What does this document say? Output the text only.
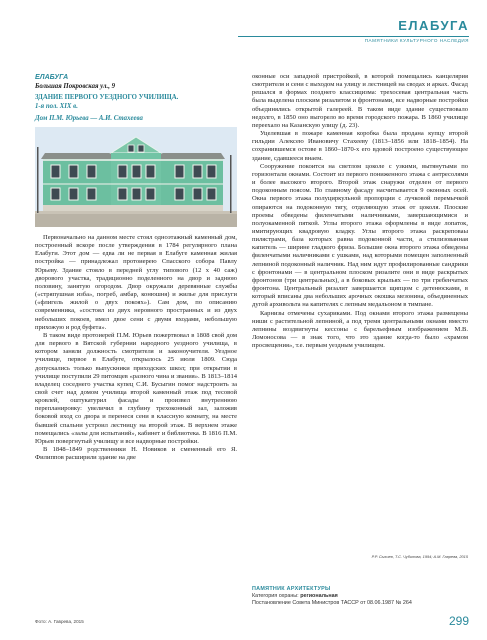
ЕЛАБУГА
ПАМЯТНИКИ КУЛЬТУРНОГО НАСЛЕДИЯ
ЕЛАБУГА
Большая Покровская ул., 9
ЗДАНИЕ ПЕРВОГО УЕЗДНОГО УЧИЛИЩА.
1-я пол. XIX в.
Дом П.М. Юрьева — А.И. Стахеева

Первоначально на данном месте стоял одноэтажный каменный дом, построенный вскоре после утверждения в 1784 регулярного плана Елабуги. Этот дом — едва ли не первая в Елабуге каменная жилая постройка — принадлежал протоиерею Спасского собора Павлу Юрьеву. Здание стояло в передней углу типового (12 х 40 саж) дворового участка, традиционно поделенного на двор и заднюю половину, занятую огородом. Двор окружали деревянные службы («стряпушная изба», погреб, амбар, конюшня) и жилье для прислуги («флигель жилой о двух покоях»). Сам дом, по описанию современника, «состоял из двух неровного пространных и из двух небольших покоев, имел двое сени с двумя входами, небольшую прихожую и род буфета».

В таком виде протоиерей П.М. Юрьев пожертвовал в 1808 свой дом для первого в Вятской губернии народного уездного училища, в котором заняли должность смотрителя и законоучителя. Уездное училище, первое в Елабуге, открылось 25 июля 1809. Сюда допускались только выпускники приходских школ; при открытии в училище поступили 29 питомцев «разного чина и звания». В 1813–1814 владелец соседнего участка купец С.И. Бусыгин помог надстроить за свой счет над домом училища второй каменный этаж под тесовой кровлей, оштукатурил фасады и произвел внутреннюю перепланировку: увеличил в глубину трехоконный зал, заложив боковой вход со двора и перенеся сени в классную комнату, на месте бывшей спальни устроил лестницу на второй этаж. В верхнем этаже помещались «залы для испытаний», кабинет и библиотека. В 1816 П.М. Юрьев повергнутый училищу и все надворные постройки.

В 1848–1849 родственники Н. Новиков и смененный его Я. Филиппов расширили здание на две

оконные оси западной пристройкой, в которой помещались канцелярия смотрителя и сени с выходом на улицу и лестницей на сводах и арках. Фасад решался в формах позднего классицизма: трехосевая центральная часть была выделена плоским ризалитом и фронтонами, все надворные постройки объединялись открытой галереей. В таком виде здание существовало недолго, в 1850 оно выгорело во время городского пожара. В 1860 училище переехало на Казанскую улицу (д. 23).

Уцелевшая в пожаре каменная коробка была продана купцу второй гильдии Алексею Ивановичу Стахееву (1813–1856 или 1818–1854). На сохранившемся остове в 1860–1870-х его вдовой построено существующее здание, сдавшееся внаем.

Сооружение покоится на светлом цоколе с узкими, вытянутыми по горизонтали окнами. Состоит из первого пониженного этажа с антресолями и более высокого второго. Второй этаж снаружи отделен от первого подоконным поясом. По главному фасаду насчитывается 9 оконных осей. Окна первого этажа полуциркульной пропорции с лучковой перемычкой опираются на подоконную тягу, отделяющую этаж от цоколя. Плоские проемы обведены филенчатыми наличниками, завершающимися и полуокаменной пяткой. Углы второго этажа оформлены в виде лопаток, имитирующих квадровую кладку. Углы второго этажа раскреповаы пилястрами, база которых равна подоконной части, а стилизованная капитель — ширине гладкого фриза. Большие окна второго этажа обведены филенчатыми наличниками с ушками, над которыми помещен заполненный лепниной подоконный наличник. Над ним идут профилированные сандрики с фронтонами — в центральном плоском ризалите они в виде раскрытых фронтонов (три центральных), а в боковых крыльях — по три гребенчатых фронтона. Центральный ризалит завершается щипцом с детенюсками, в который вписаны два небольших арочных окошка мезонина, объединенных дугой архивольта на капителях с лепным медальоном в тимпане.

Карнизы отмечены сухариками. Под окнами второго этажа размещены ниши с растительной лепниной, а под тремя центральными окнами вместо лепнины воздвигнуты кессоны с барельефным изображением М.В. Ломоносова — в знак того, что это здание когда-то было «храмом просвещения», т.е. первым уездным училищем.

Р.Р. Сыхиев, Т.С. Чубинова, 1994; А.М. Гаврева, 2015
ПАМЯТНИК АРХИТЕКТУРЫ
Категория охраны: региональная
Постановление Совета Министров ТАССР от 08.06.1987 № 264
Фото: А. Гаврева, 2015	299
